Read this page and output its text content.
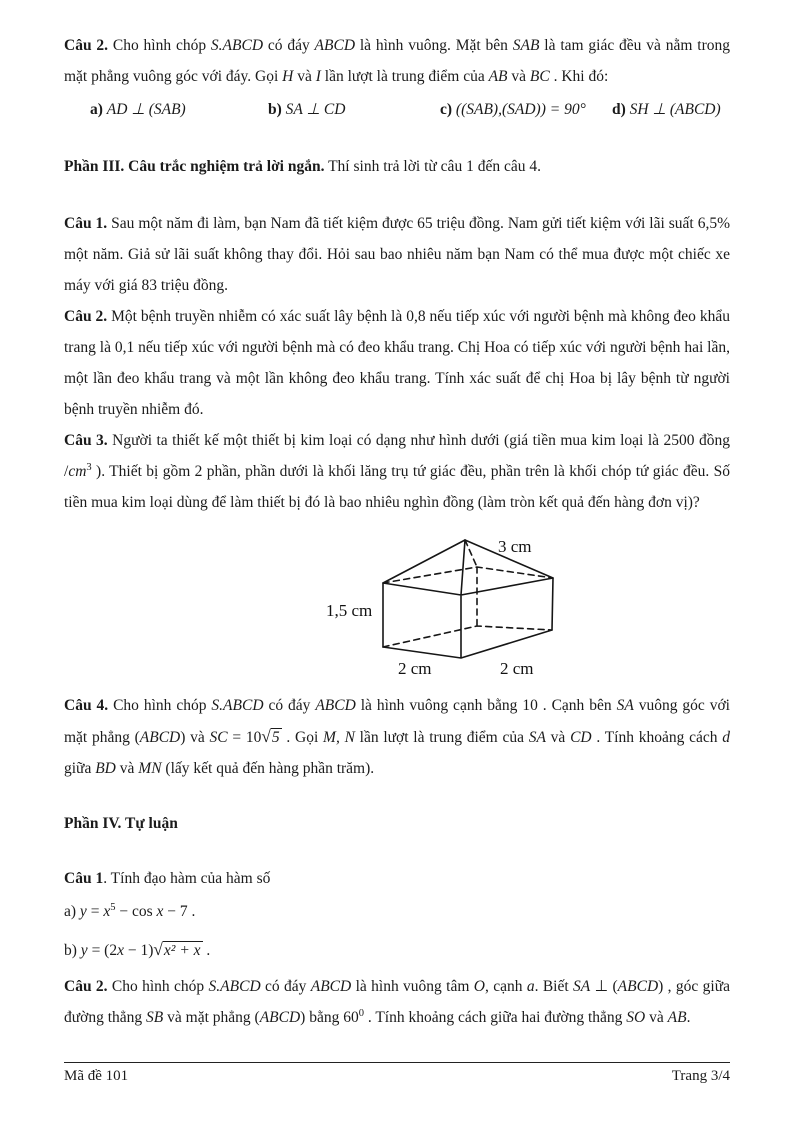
Câu 2. Cho hình chóp S.ABCD có đáy ABCD là hình vuông. Mặt bên SAB là tam giác đều và nằm trong mặt phẳng vuông góc với đáy. Gọi H và I lần lượt là trung điểm của AB và BC . Khi đó:

a) AD ⊥ (SAB)	b) SA ⊥ CD	c) ((SAB),(SAD)) = 90° d) SH ⊥ (ABCD)

Phần III. Câu trắc nghiệm trả lời ngắn. Thí sinh trả lời từ câu 1 đến câu 4.

Câu 1. Sau một năm đi làm, bạn Nam đã tiết kiệm được 65 triệu đồng. Nam gửi tiết kiệm với lãi suất 6,5% một năm. Giả sử lãi suất không thay đổi. Hỏi sau bao nhiêu năm bạn Nam có thể mua được một chiếc xe máy với giá 83 triệu đồng.

Câu 2. Một bệnh truyền nhiễm có xác suất lây bệnh là 0,8 nếu tiếp xúc với người bệnh mà không đeo khẩu trang là 0,1 nếu tiếp xúc với người bệnh mà có đeo khẩu trang. Chị Hoa có tiếp xúc với người bệnh hai lần, một lần đeo khẩu trang và một lần không đeo khẩu trang. Tính xác suất để chị Hoa bị lây bệnh từ người bệnh truyền nhiễm đó.

Câu 3. Người ta thiết kế một thiết bị kim loại có dạng như hình dưới (giá tiền mua kim loại là 2500 đồng $/cm^3$ ). Thiết bị gồm 2 phần, phần dưới là khối lăng trụ tứ giác đều, phần trên là khối chóp tứ giác đều. Số tiền mua kim loại dùng để làm thiết bị đó là bao nhiêu nghìn đồng (làm tròn kết quả đến hàng đơn vị)?

3 cm
1,5 cm
2 cm	2 cm

Câu 4. Cho hình chóp S.ABCD có đáy ABCD là hình vuông cạnh bằng 10 . Cạnh bên SA vuông góc với mặt phẳng (ABCD) và SC = 10√5 . Gọi M, N lần lượt là trung điểm của SA và CD . Tính khoảng cách d giữa BD và MN (lấy kết quả đến hàng phần trăm).

Phần IV. Tự luận

Câu 1. Tính đạo hàm của hàm số

a) $y = x^5 - \cos x - 7$ .

b) y = (2x − 1)√x² + x .

Câu 2. Cho hình chóp S.ABCD có đáy ABCD là hình vuông tâm O, cạnh a. Biết SA ⊥ (ABCD) , góc giữa đường thẳng SB và mặt phẳng (ABCD) bằng $60^0$ . Tính khoảng cách giữa hai đường thẳng SO và AB.

Mã đề 101	Trang 3/4
